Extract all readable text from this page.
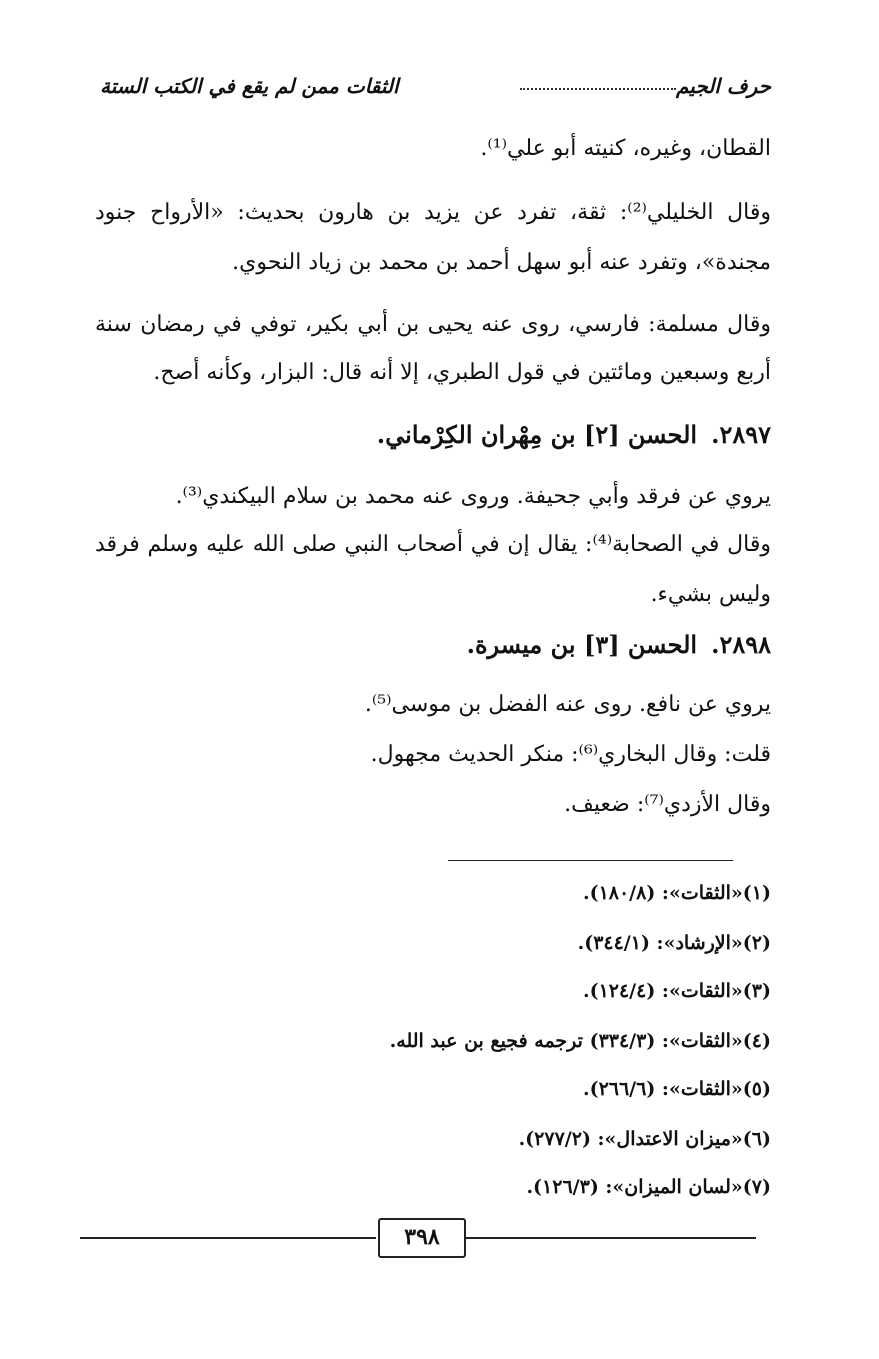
حرف الجيم
الثقات ممن لم يقع في الكتب الستة
القطان، وغيره، كنيته أبو علي⁽¹⁾.
وقال الخليلي⁽²⁾: ثقة، تفرد عن يزيد بن هارون بحديث: «الأرواح جنود
مجندة»، وتفرد عنه أبو سهل أحمد بن محمد بن زياد النحوي.
وقال مسلمة: فارسي، روى عنه يحيى بن أبي بكير، توفي في رمضان سنة
أربع وسبعين ومائتين في قول الطبري، إلا أنه قال: البزار، وكأنه أصح.
٢٨٩٧.الحسن [٢] بن مِهْران الكِرْماني.
يروي عن فرقد وأبي جحيفة. وروى عنه محمد بن سلام البيكندي⁽³⁾.
وقال في الصحابة⁽⁴⁾: يقال إن في أصحاب النبي صلى الله عليه وسلم فرقد
وليس بشيء.
٢٨٩٨.الحسن [٣] بن ميسرة.
يروي عن نافع. روى عنه الفضل بن موسى⁽⁵⁾.
قلت: وقال البخاري⁽⁶⁾: منكر الحديث مجهول.
وقال الأزدي⁽⁷⁾: ضعيف.
(١)«الثقات»: (١٨٠/٨).
(٢)«الإرشاد»: (٣٤٤/١).
(٣)«الثقات»: (١٢٤/٤).
(٤)«الثقات»: (٣٣٤/٣) ترجمه فجيع بن عبد الله.
(٥)«الثقات»: (٢٦٦/٦).
(٦)«ميزان الاعتدال»: (٢٧٧/٢).
(٧)«لسان الميزان»: (١٢٦/٣).
٣٩٨
